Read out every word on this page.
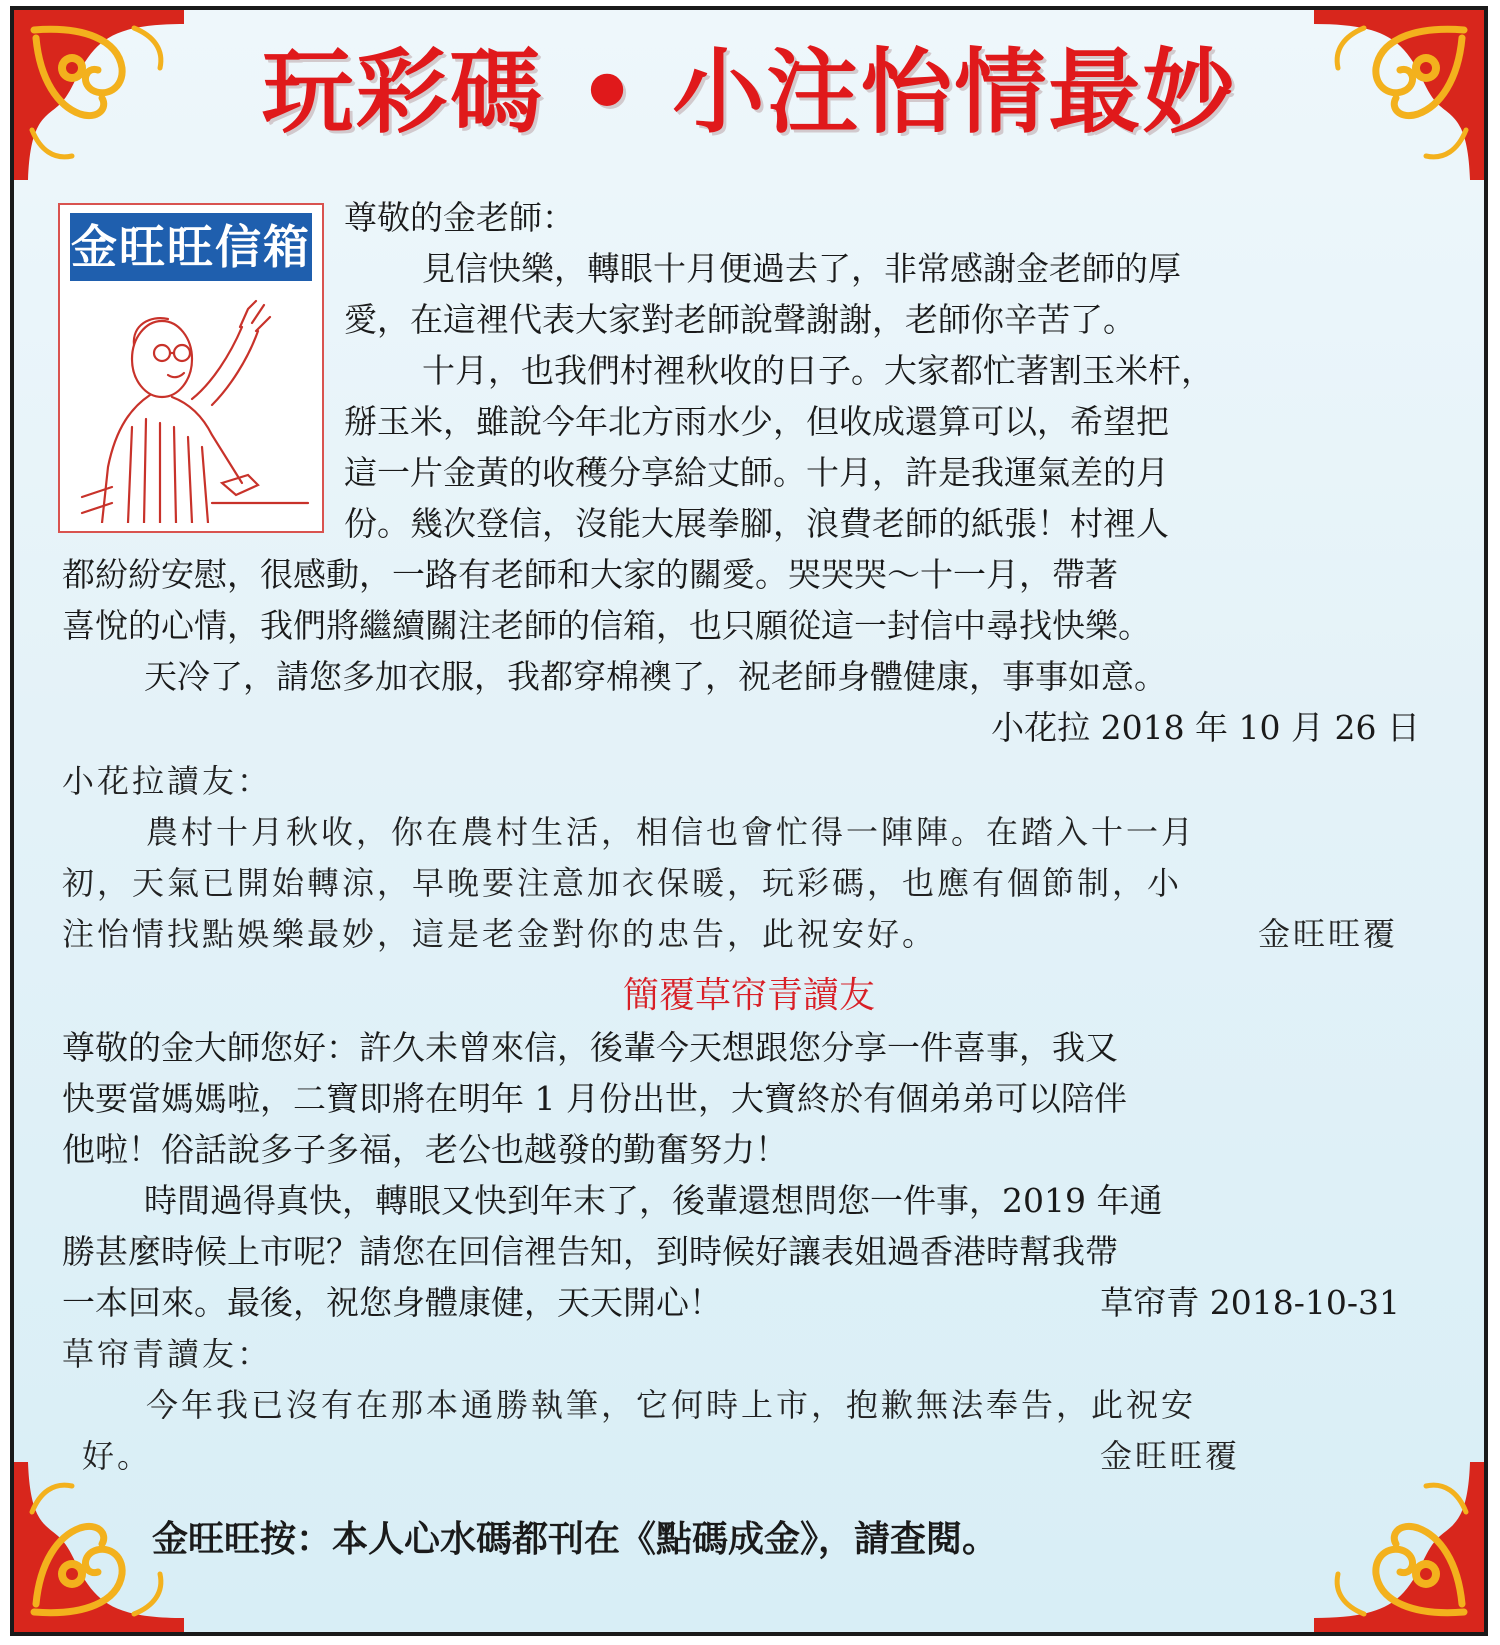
玩彩碼 • 小注怡情最妙
金旺旺信箱
尊敬的金老師：
見信快樂，轉眼十月便過去了，非常感謝金老師的厚
愛，在這裡代表大家對老師說聲謝謝，老師你辛苦了。
十月，也我們村裡秋收的日子。大家都忙著割玉米杆，
掰玉米，雖說今年北方雨水少，但收成還算可以，希望把
這一片金黃的收穫分享給丈師。十月，許是我運氣差的月
份。幾次登信，沒能大展拳腳，浪費老師的紙張！村裡人
都紛紛安慰，很感動，一路有老師和大家的關愛。哭哭哭～十一月，帶著
喜悅的心情，我們將繼續關注老師的信箱，也只願從這一封信中尋找快樂。
天冷了，請您多加衣服，我都穿棉襖了，祝老師身體健康，事事如意。
小花拉 2018 年 10 月 26 日
小花拉讀友：
農村十月秋收，你在農村生活，相信也會忙得一陣陣。在踏入十一月
初，天氣已開始轉涼，早晚要注意加衣保暖，玩彩碼，也應有個節制，小
注怡情找點娛樂最妙，這是老金對你的忠告，此祝安好。	金旺旺覆
簡覆草帘青讀友
尊敬的金大師您好：許久未曾來信，後輩今天想跟您分享一件喜事，我又
快要當媽媽啦，二寶即將在明年 1 月份出世，大寶終於有個弟弟可以陪伴
他啦！俗話說多子多福，老公也越發的勤奮努力！
時間過得真快，轉眼又快到年末了，後輩還想問您一件事，2019 年通
勝甚麼時候上市呢？請您在回信裡告知，到時候好讓表姐過香港時幫我帶
一本回來。最後，祝您身體康健，天天開心！	草帘青 2018-10-31
草帘青讀友：
今年我已沒有在那本通勝執筆，它何時上市，抱歉無法奉告，此祝安
好。	金旺旺覆
金旺旺按：本人心水碼都刊在《點碼成金》，請查閱。
